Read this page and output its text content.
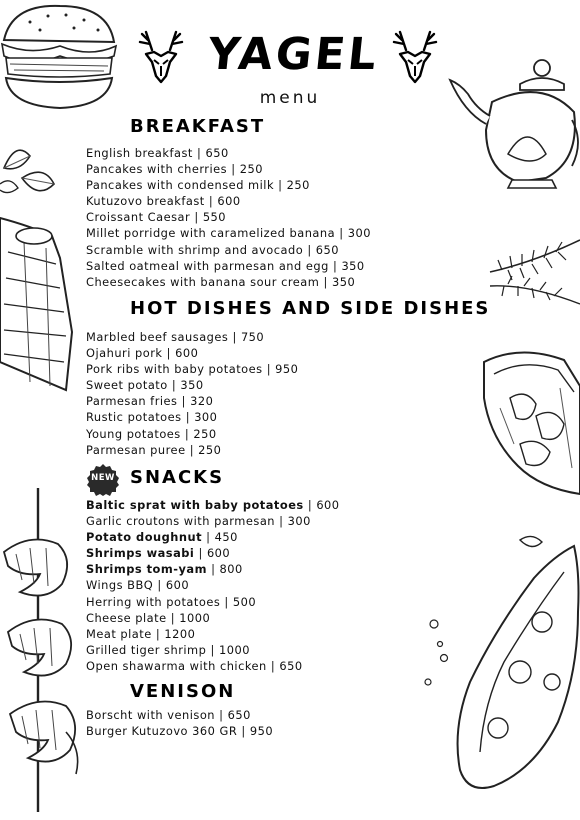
YAGEL
menu
BREAKFAST
English breakfast | 650
Pancakes with cherries | 250
Pancakes with condensed milk | 250
Kutuzovo breakfast | 600
Croissant Caesar | 550
Millet porridge with caramelized banana | 300
Scramble with shrimp and avocado | 650
Salted oatmeal with parmesan and egg | 350
Cheesecakes with banana sour cream | 350
HOT DISHES AND SIDE DISHES
Marbled beef sausages | 750
Ojahuri pork | 600
Pork ribs with baby potatoes | 950
Sweet potato | 350
Parmesan fries | 320
Rustic potatoes | 300
Young potatoes | 250
Parmesan puree | 250
NEW SNACKS
Baltic sprat with baby potatoes | 600
Garlic croutons with parmesan | 300
Potato doughnut | 450
Shrimps wasabi | 600
Shrimps tom-yam | 800
Wings BBQ | 600
Herring with potatoes | 500
Cheese plate | 1000
Meat plate | 1200
Grilled tiger shrimp | 1000
Open shawarma with chicken | 650
VENISON
Borscht with venison | 650
Burger Kutuzovo 360 GR | 950
